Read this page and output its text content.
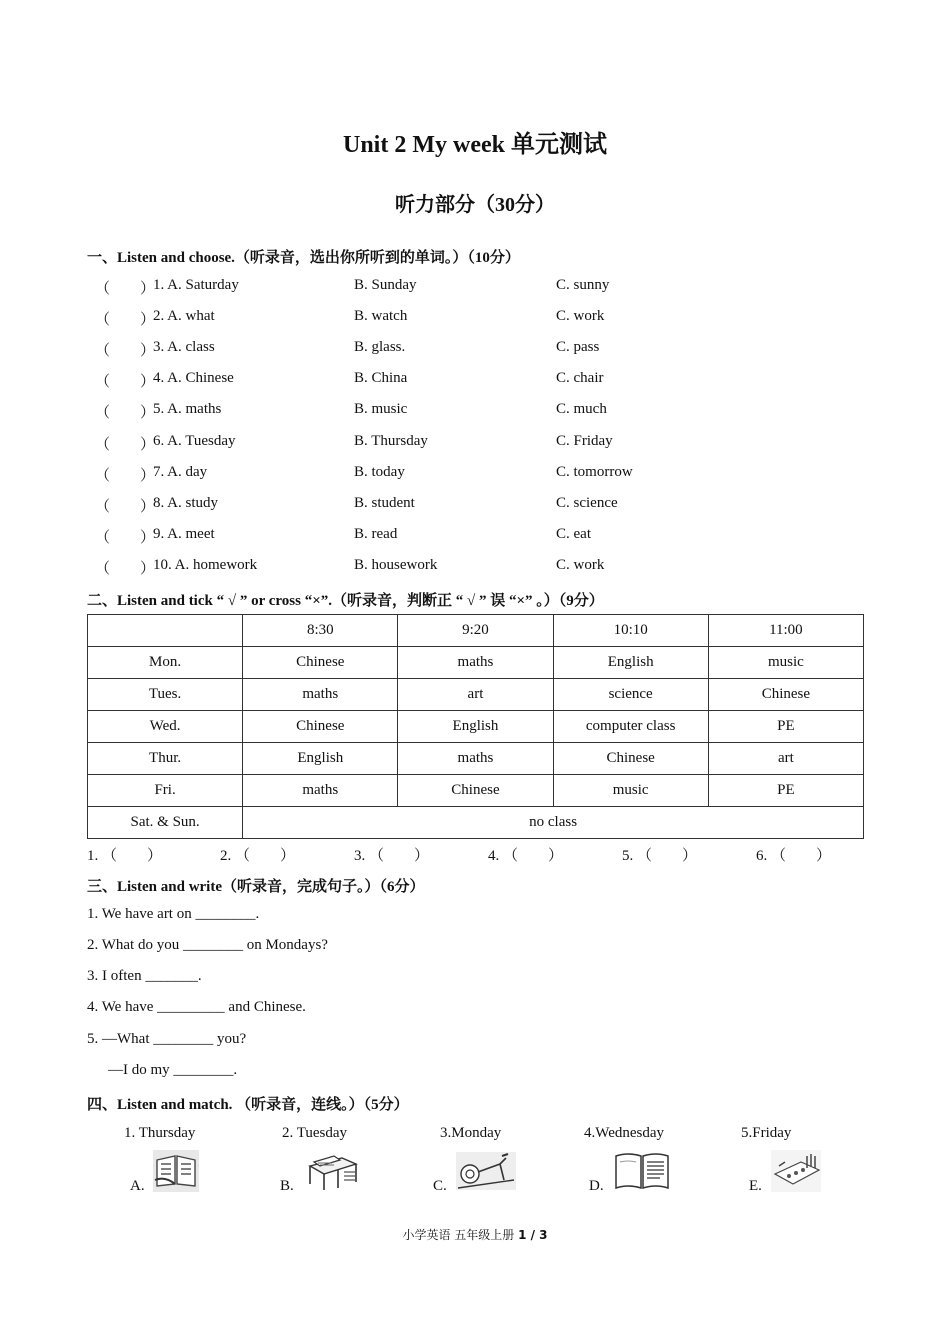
Unit 2 My week 单元测试
听力部分（30分）
一、Listen and choose.（听录音，选出你所听到的单词。）（10分）
（　　）
1. A. Saturday	B. Sunday	C. sunny
（　　）
2. A. what	B. watch	C. work
（　　）
3. A. class	B. glass.	C. pass
（　　）
4. A. Chinese	B. China	C. chair
（　　）
5. A. maths	B. music	C. much
（　　）
6. A. Tuesday	B. Thursday	C. Friday
（　　）
7. A. day	B. today	C. tomorrow
（　　）
8. A. study	B. student	C. science
（　　）
9. A. meet	B. read	C. eat
（　　）
10. A. homework	B. housework	C. work
二、Listen and tick “ √ ” or cross “×”.（听录音，判断正 “ √ ” 误 “×” 。）（9分）
	8:30	9:20	10:10	11:00
Mon.	Chinese	maths	English	music
Tues.	maths	art	science	Chinese
Wed.	Chinese	English	computer class	PE
Thur.	English	maths	Chinese	art
Fri.	maths	Chinese	music	PE
Sat. & Sun.	no class			
1. （　　）	2. （　　）	3. （　　）	4. （　　）	5. （　　）	6. （　　）
三、Listen and write（听录音，完成句子。）（6分）
1. We have art on ________.
2. What do you ________ on Mondays?
3. I often _______.
4. We have _________ and Chinese.
5. —What ________ you?
—I do my ________.
四、Listen and match. （听录音，连线。）（5分）
1. Thursday	2. Tuesday	3.Monday	4.Wednesday	5.Friday
A.	B.	C.	D.	E.
小学英语 五年级上册 1 / 3
